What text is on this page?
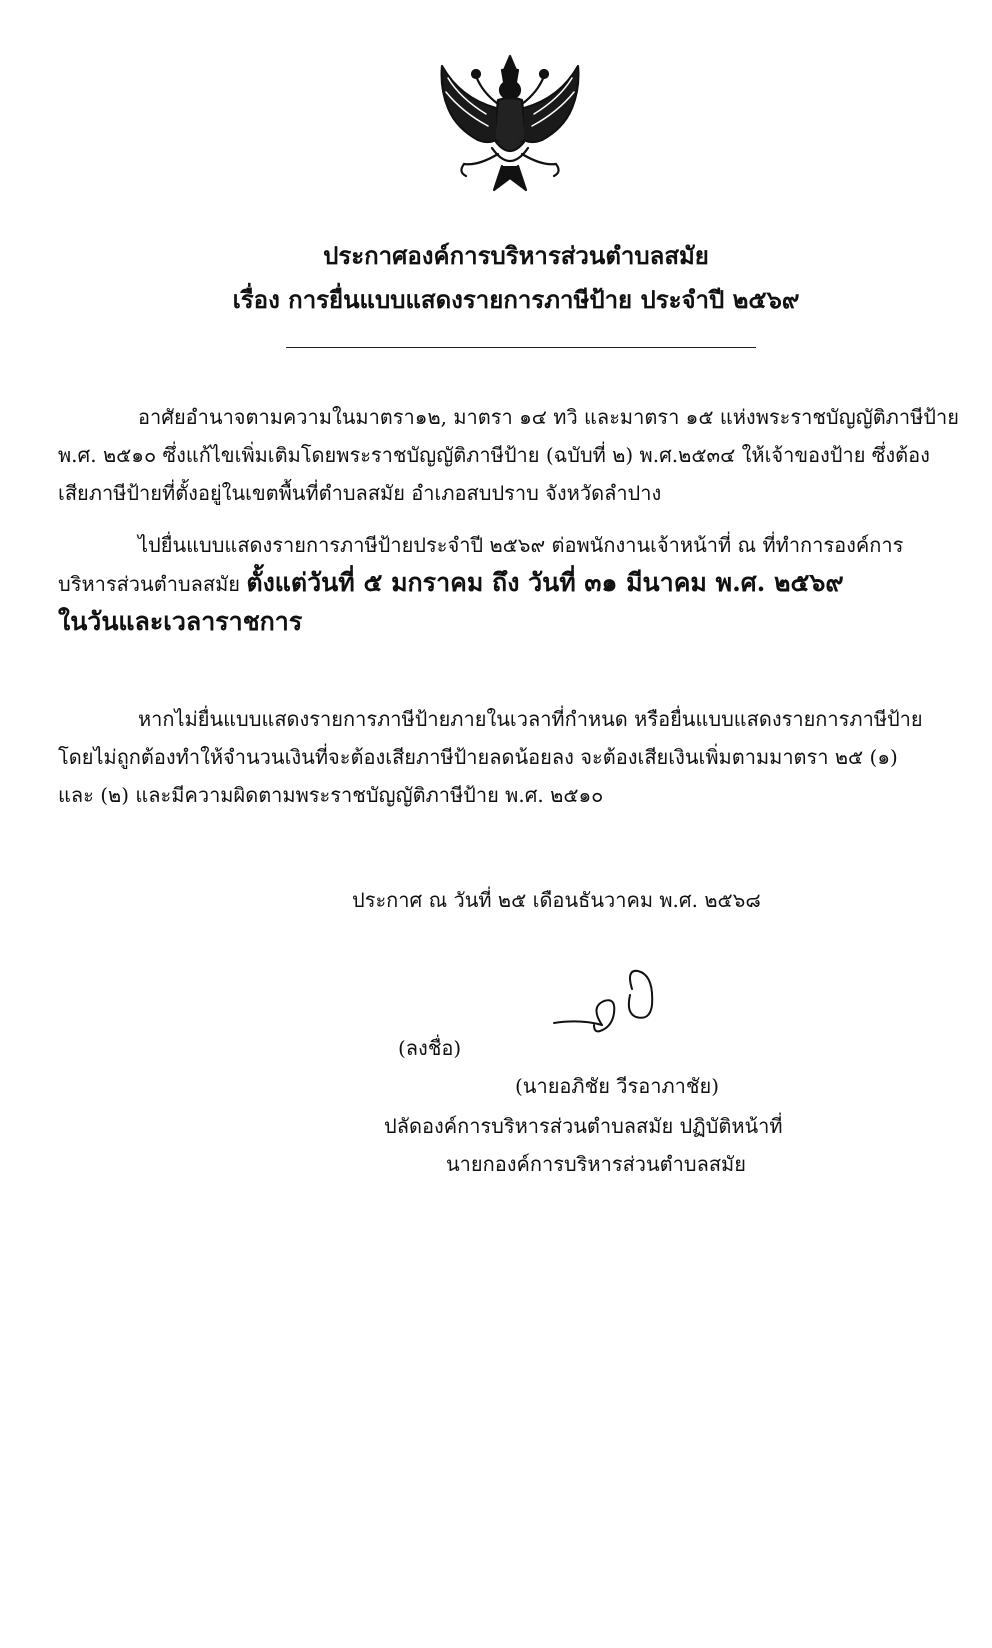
ประกาศองค์การบริหารส่วนตำบลสมัย
เรื่อง การยื่นแบบแสดงรายการภาษีป้าย ประจำปี ๒๕๖๙
อาศัยอำนาจตามความในมาตรา๑๒, มาตรา ๑๔ ทวิ และมาตรา ๑๕ แห่งพระราชบัญญัติภาษีป้าย
พ.ศ. ๒๕๑๐ ซึ่งแก้ไขเพิ่มเติมโดยพระราชบัญญัติภาษีป้าย (ฉบับที่ ๒) พ.ศ.๒๕๓๔ ให้เจ้าของป้าย ซึ่งต้อง
เสียภาษีป้ายที่ตั้งอยู่ในเขตพื้นที่ตำบลสมัย อำเภอสบปราบ จังหวัดลำปาง
ไปยื่นแบบแสดงรายการภาษีป้ายประจำปี ๒๕๖๙ ต่อพนักงานเจ้าหน้าที่ ณ ที่ทำการองค์การ
บริหารส่วนตำบลสมัย ตั้งแต่วันที่ ๕ มกราคม ถึง วันที่ ๓๑ มีนาคม พ.ศ. ๒๕๖๙
ในวันและเวลาราชการ
หากไม่ยื่นแบบแสดงรายการภาษีป้ายภายในเวลาที่กำหนด หรือยื่นแบบแสดงรายการภาษีป้าย
โดยไม่ถูกต้องทำให้จำนวนเงินที่จะต้องเสียภาษีป้ายลดน้อยลง จะต้องเสียเงินเพิ่มตามมาตรา ๒๕ (๑)
และ (๒) และมีความผิดตามพระราชบัญญัติภาษีป้าย พ.ศ. ๒๕๑๐
ประกาศ ณ วันที่ ๒๕ เดือนธันวาคม พ.ศ. ๒๕๖๘
(ลงชื่อ)
(นายอภิชัย วีรอาภาชัย)
ปลัดองค์การบริหารส่วนตำบลสมัย ปฏิบัติหน้าที่
นายกองค์การบริหารส่วนตำบลสมัย
